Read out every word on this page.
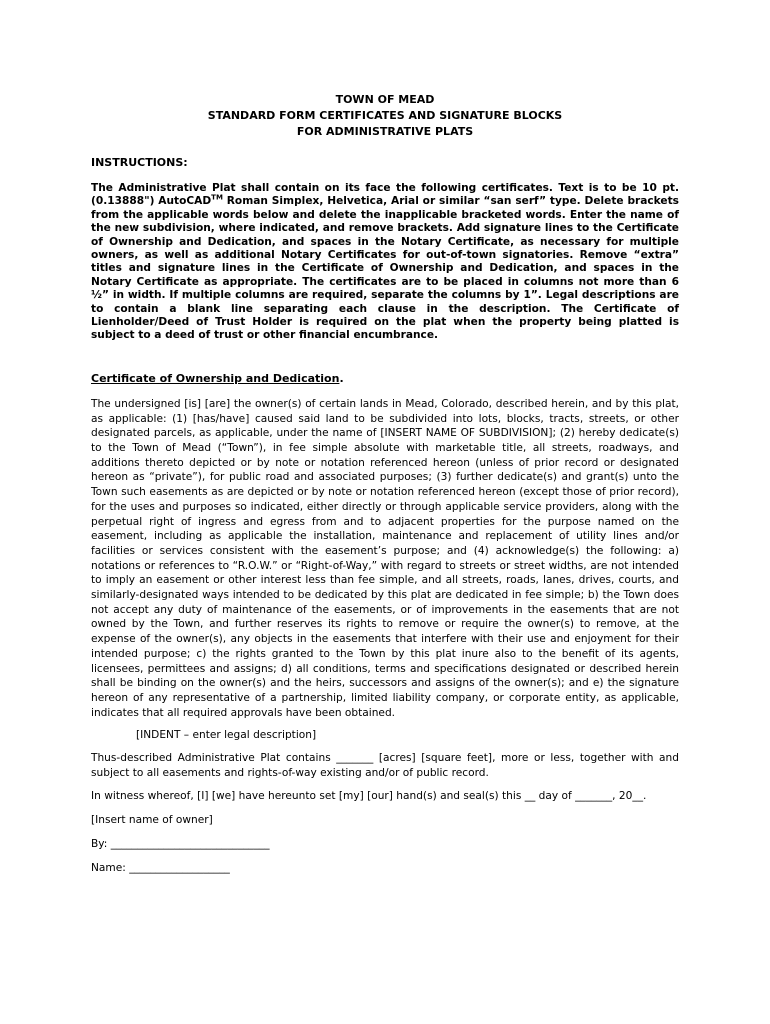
TOWN OF MEAD
STANDARD FORM CERTIFICATES AND SIGNATURE BLOCKS
FOR ADMINISTRATIVE PLATS
INSTRUCTIONS:
The Administrative Plat shall contain on its face the following certificates. Text is to be 10 pt. (0.13888") AutoCAD™ Roman Simplex, Helvetica, Arial or similar “san serf” type. Delete brackets from the applicable words below and delete the inapplicable bracketed words. Enter the name of the new subdivision, where indicated, and remove brackets. Add signature lines to the Certificate of Ownership and Dedication, and spaces in the Notary Certificate, as necessary for multiple owners, as well as additional Notary Certificates for out-of-town signatories. Remove “extra” titles and signature lines in the Certificate of Ownership and Dedication, and spaces in the Notary Certificate as appropriate. The certificates are to be placed in columns not more than 6 ½” in width. If multiple columns are required, separate the columns by 1”. Legal descriptions are to contain a blank line separating each clause in the description. The Certificate of Lienholder/Deed of Trust Holder is required on the plat when the property being platted is subject to a deed of trust or other financial encumbrance.
Certificate of Ownership and Dedication.
The undersigned [is] [are] the owner(s) of certain lands in Mead, Colorado, described herein, and by this plat, as applicable: (1) [has/have] caused said land to be subdivided into lots, blocks, tracts, streets, or other designated parcels, as applicable, under the name of [INSERT NAME OF SUBDIVISION]; (2) hereby dedicate(s) to the Town of Mead (“Town”), in fee simple absolute with marketable title, all streets, roadways, and additions thereto depicted or by note or notation referenced hereon (unless of prior record or designated hereon as “private”), for public road and associated purposes; (3) further dedicate(s) and grant(s) unto the Town such easements as are depicted or by note or notation referenced hereon (except those of prior record), for the uses and purposes so indicated, either directly or through applicable service providers, along with the perpetual right of ingress and egress from and to adjacent properties for the purpose named on the easement, including as applicable the installation, maintenance and replacement of utility lines and/or facilities or services consistent with the easement’s purpose; and (4) acknowledge(s) the following: a) notations or references to “R.O.W.” or “Right-of-Way,” with regard to streets or street widths, are not intended to imply an easement or other interest less than fee simple, and all streets, roads, lanes, drives, courts, and similarly-designated ways intended to be dedicated by this plat are dedicated in fee simple; b) the Town does not accept any duty of maintenance of the easements, or of improvements in the easements that are not owned by the Town, and further reserves its rights to remove or require the owner(s) to remove, at the expense of the owner(s), any objects in the easements that interfere with their use and enjoyment for their intended purpose; c) the rights granted to the Town by this plat inure also to the benefit of its agents, licensees, permittees and assigns; d) all conditions, terms and specifications designated or described herein shall be binding on the owner(s) and the heirs, successors and assigns of the owner(s); and e) the signature hereon of any representative of a partnership, limited liability company, or corporate entity, as applicable, indicates that all required approvals have been obtained.
[INDENT – enter legal description]
Thus-described Administrative Plat contains _______ [acres] [square feet], more or less, together with and subject to all easements and rights-of-way existing and/or of public record.
In witness whereof, [I] [we] have hereunto set [my] [our] hand(s) and seal(s) this __ day of _______, 20__.
[Insert name of owner]
By: ______________________________
Name: ___________________
